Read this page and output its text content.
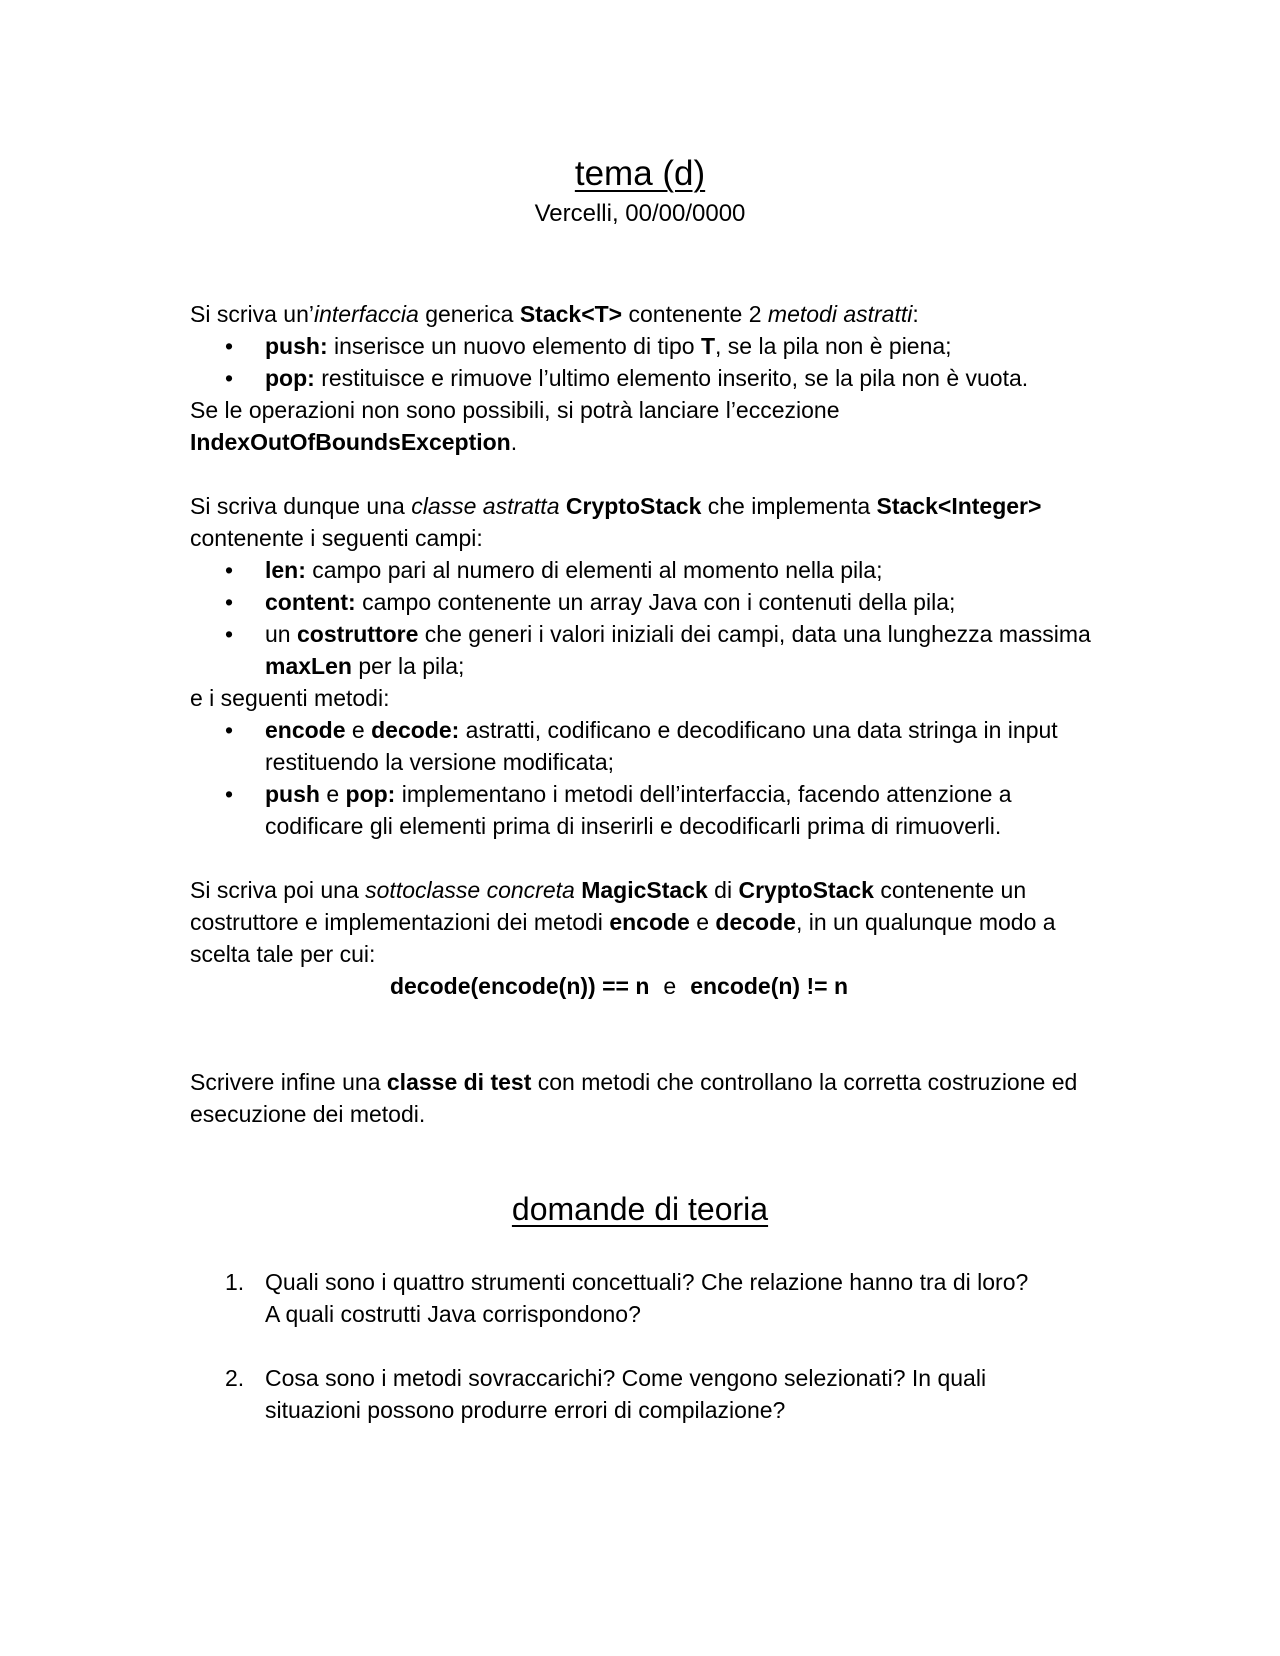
tema (d)
Vercelli, 00/00/0000

Si scriva un’interfaccia generica Stack<T> contenente 2 metodi astratti:

• push: inserisce un nuovo elemento di tipo T, se la pila non è piena;
• pop: restituisce e rimuove l’ultimo elemento inserito, se la pila non è vuota.

Se le operazioni non sono possibili, si potrà lanciare l’eccezione
IndexOutOfBoundsException.

Si scriva dunque una classe astratta CryptoStack che implementa Stack<Integer>
contenente i seguenti campi:

• len: campo pari al numero di elementi al momento nella pila;
• content: campo contenente un array Java con i contenuti della pila;
• un costruttore che generi i valori iniziali dei campi, data una lunghezza massima maxLen per la pila;

e i seguenti metodi:

• encode e decode: astratti, codificano e decodificano una data stringa in input restituendo la versione modificata;
• push e pop: implementano i metodi dell’interfaccia, facendo attenzione a codificare gli elementi prima di inserirli e decodificarli prima di rimuoverli.

Si scriva poi una sottoclasse concreta MagicStack di CryptoStack contenente un costruttore e implementazioni dei metodi encode e decode, in un qualunque modo a scelta tale per cui:

decode(encode(n)) == n e encode(n) != n

Scrivere infine una classe di test con metodi che controllano la corretta costruzione ed esecuzione dei metodi.

domande di teoria
1. Quali sono i quattro strumenti concettuali? Che relazione hanno tra di loro?
A quali costrutti Java corrispondono?
2. Cosa sono i metodi sovraccarichi? Come vengono selezionati? In quali
situazioni possono produrre errori di compilazione?
